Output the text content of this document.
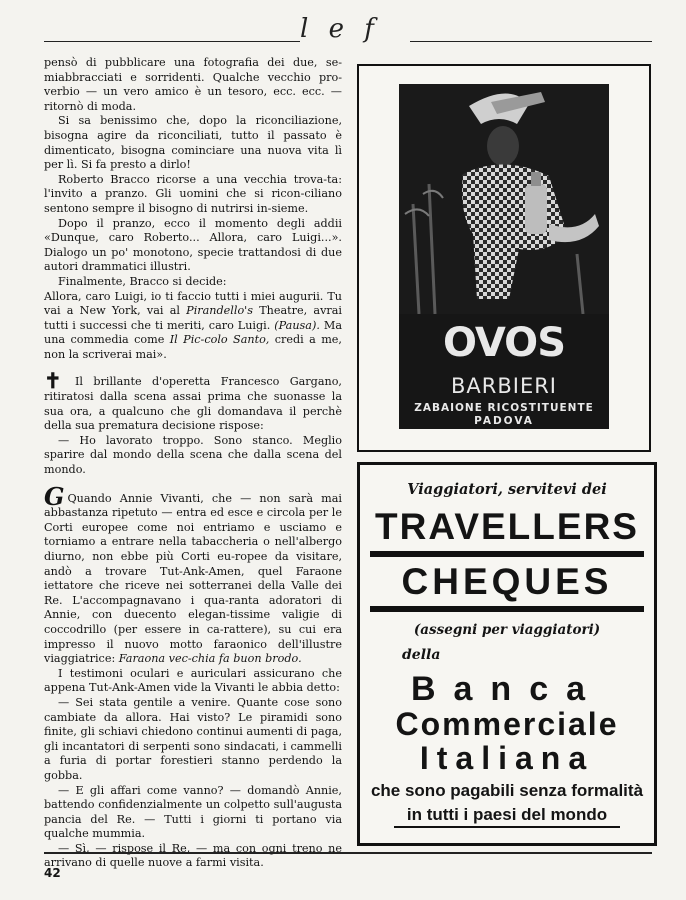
l e f

pensò di pubblicare una fotografia dei due, se-miabbracciati e sorridenti. Qualche vecchio pro-verbio — un vero amico è un tesoro, ecc. ecc. — ritornò di moda.

Si sa benissimo che, dopo la riconciliazione, bisogna agire da riconciliati, tutto il passato è dimenticato, bisogna cominciare una nuova vita lì per lì. Si fa presto a dirlo!

Roberto Bracco ricorse a una vecchia trova-ta: l'invito a pranzo. Gli uomini che si ricon-ciliano sentono sempre il bisogno di nutrirsi in-sieme.

Dopo il pranzo, ecco il momento degli addii «Dunque, caro Roberto... Allora, caro Luigi...». Dialogo un po' monotono, specie trattandosi di due autori drammatici illustri.

Finalmente, Bracco si decide:

Allora, caro Luigi, io ti faccio tutti i miei augurii. Tu vai a New York, vai al Pirandello's Theatre, avrai tutti i successi che ti meriti, caro Luigi. (Pausa). Ma una commedia come Il Pic-colo Santo, credi a me, non la scriverai mai».

✝ Il brillante d'operetta Francesco Gargano, ritiratosi dalla scena assai prima che suonasse la sua ora, a qualcuno che gli domandava il perchè della sua prematura decisione rispose:

— Ho lavorato troppo. Sono stanco. Meglio sparire dal mondo della scena che dalla scena del mondo.

G Quando Annie Vivanti, che — non sarà mai abbastanza ripetuto — entra ed esce e circola per le Corti europee come noi entriamo e usciamo e torniamo a entrare nella tabaccheria o nell'albergo diurno, non ebbe più Corti eu-ropee da visitare, andò a trovare Tut-Ank-Amen, quel Faraone iettatore che riceve nei sotterranei della Valle dei Re. L'accompagnavano i qua-ranta adoratori di Annie, con duecento elegan-tissime valigie di coccodrillo (per essere in ca-rattere), su cui era impresso il nuovo motto faraonico dell'illustre viaggiatrice: Faraona vec-chia fa buon brodo.

I testimoni oculari e auriculari assicurano che appena Tut-Ank-Amen vide la Vivanti le abbia detto:

— Sei stata gentile a venire. Quante cose sono cambiate da allora. Hai visto? Le piramidi sono finite, gli schiavi chiedono continui aumenti di paga, gli incantatori di serpenti sono sindacati, i cammelli a furia di portar forestieri stanno perdendo la gobba.

— E gli affari come vanno? — domandò Annie, battendo confidenzialmente un colpetto sull'augusta pancia del Re. — Tutti i giorni ti portano via qualche mummia.

— Sì, — rispose il Re, — ma con ogni treno ne arrivano di quelle nuove a farmi visita.

OVOS
BARBIERI
ZABAIONE RICOSTITUENTE
PADOVA
Viaggiatori, servitevi dei
TRAVELLERS
CHEQUES
(assegni per viaggiatori)
della
Banca
Commerciale
Italiana
che sono pagabili senza formalità
in tutti i paesi del mondo
42
